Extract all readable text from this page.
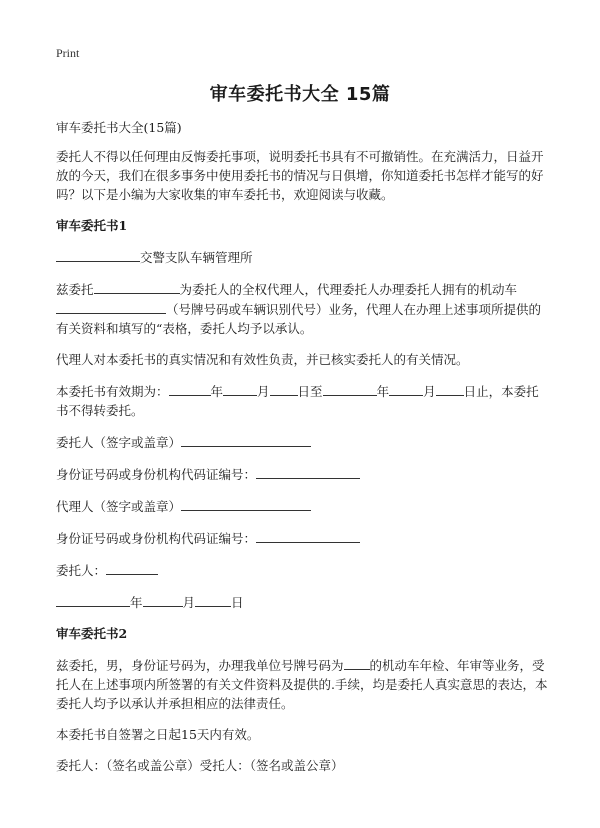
Print
审车委托书大全 15篇

审车委托书大全(15篇)

委托人不得以任何理由反悔委托事项，说明委托书具有不可撤销性。在充满活力，日益开放的今天，我们在很多事务中使用委托书的情况与日俱增，你知道委托书怎样才能写的好吗？以下是小编为大家收集的审车委托书，欢迎阅读与收藏。

审车委托书1

交警支队车辆管理所

兹委托	为委托人的全权代理人，代理委托人办理委托人拥有的机动车（号牌号码或车辆识别代号）业务，代理人在办理上述事项所提供的有关资料和填写的“表格，委托人均予以承认。

代理人对本委托书的真实情况和有效性负责，并已核实委托人的有关情况。

本委托书有效期为：	年	月 日至	年	月 日止，本委托书不得转委托。

委托人（签字或盖章）

身份证号码或身份机构代码证编号：

代理人（签字或盖章）

身份证号码或身份机构代码证编号：

委托人：

年	月	日

审车委托书2

兹委托，男，身份证号码为，办理我单位号牌号码为 的机动车年检、年审等业务，受托人在上述事项内所签署的有关文件资料及提供的.手续，均是委托人真实意思的表达，本委托人均予以承认并承担相应的法律责任。

本委托书自签署之日起15天内有效。

委托人：（签名或盖公章）受托人：（签名或盖公章）
